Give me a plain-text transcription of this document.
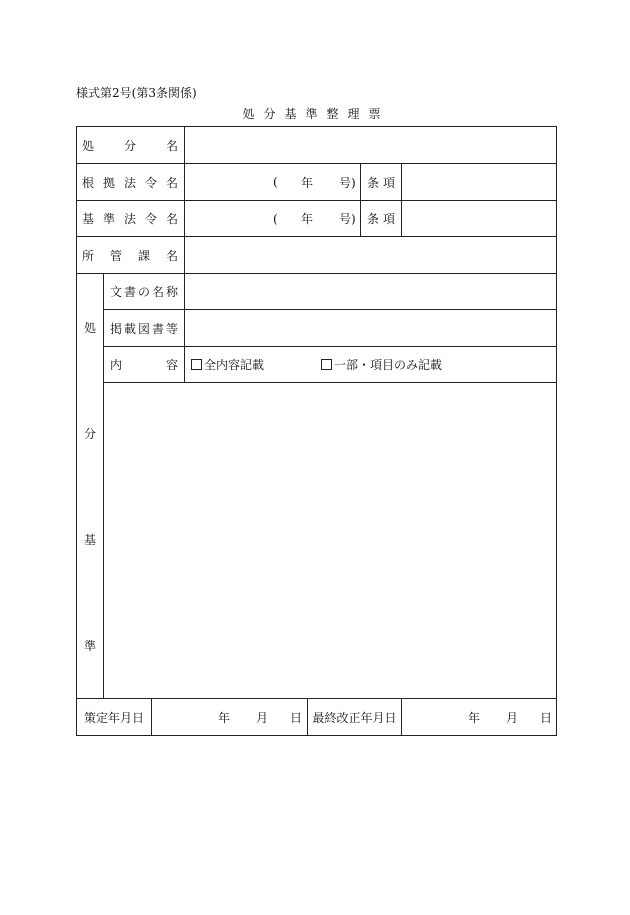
様式第2号(第3条関係)
処分基準整理票
処 分 名
根 拠 法 令 名	( 年 号) 条 項
基 準 法 令 名	( 年 号) 条 項
所 管 課 名
処
分
基
準
文 書 の 名 称
掲 載 図 書 等
内	容 全内容記載	一部・項目のみ記載
策定年月日	年 月 日 最終改正年月日	年 月 日
